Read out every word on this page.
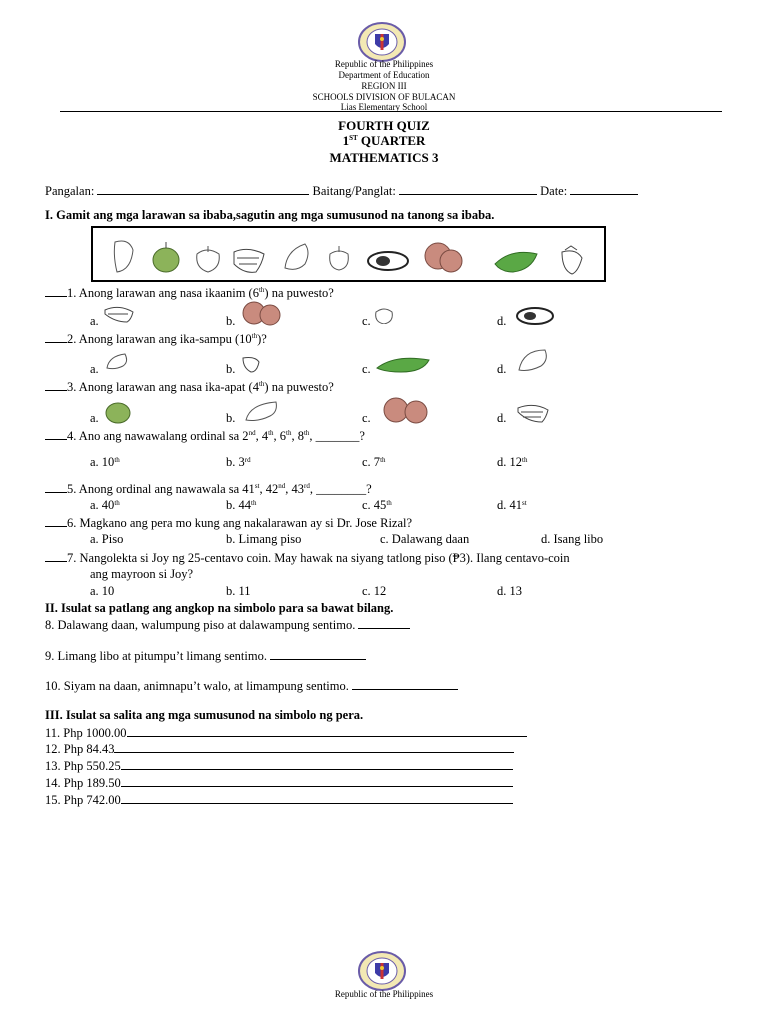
Republic of the Philippines
Department of Education
REGION III
SCHOOLS DIVISION OF BULACAN
Lias Elementary School
FOURTH QUIZ
1ST QUARTER
MATHEMATICS 3
Pangalan:	Baitang/Panglat:	Date:
I. Gamit ang mga larawan sa ibaba,sagutin ang mga sumusunod na tanong sa ibaba.
1. Anong larawan ang nasa ikaanim (6th) na puwesto?
a.	b.	c.	d.
2. Anong larawan ang ika-sampu (10th)?
a.	b.	c.	d.
3. Anong larawan ang nasa ika-apat (4th) na puwesto?
a.	b.	c.	d.
4. Ano ang nawawalang ordinal sa 2nd, 4th, 6th, 8th, _______?
a. 10th	b. 3rd	c. 7th	d. 12th
5. Anong ordinal ang nawawala sa 41st, 42nd, 43rd, ________?
a. 40th	b. 44th	c. 45th	d. 41st
6. Magkano ang pera mo kung ang nakalarawan ay si Dr. Jose Rizal?
a. Piso	b. Limang piso	c. Dalawang daan	d. Isang libo
7. Nangolekta si Joy ng 25-centavo coin. May hawak na siyang tatlong piso (₱3). Ilang centavo-coin
ang mayroon si Joy?
a. 10	b. 11	c. 12	d. 13
II. Isulat sa patlang ang angkop na simbolo para sa bawat bilang.
8. Dalawang daan, walumpung piso at dalawampung sentimo.
9. Limang libo at pitumpu’t limang sentimo.
10. Siyam na daan, animnapu’t walo, at limampung sentimo.
III. Isulat sa salita ang mga sumusunod na simbolo ng pera.
11. Php 1000.00
12. Php 84.43
13. Php 550.25
14. Php 189.50
15. Php 742.00
Republic of the Philippines
